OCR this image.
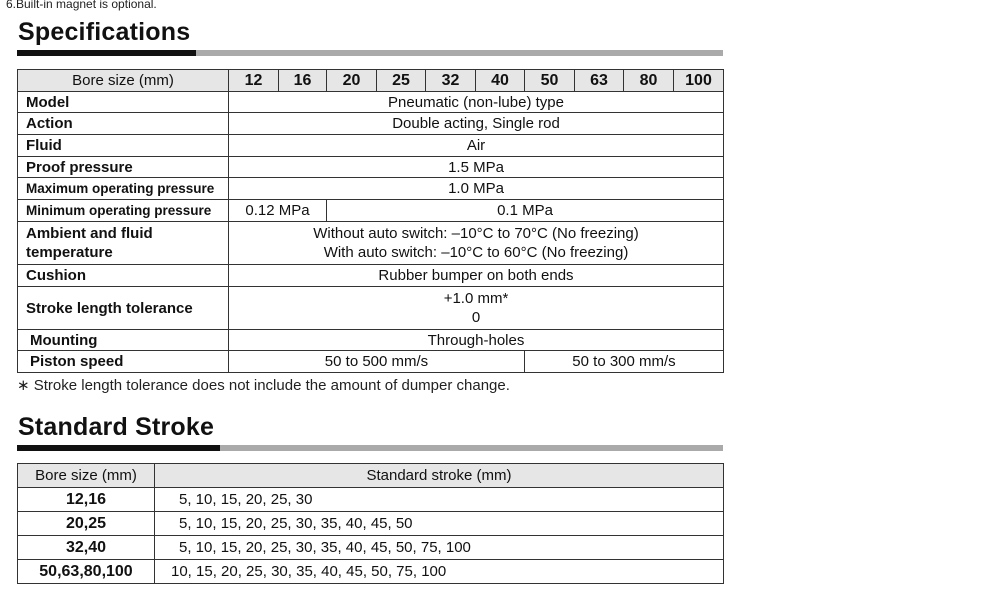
6.Built-in magnet is optional.
Specifications
Bore size (mm)	12	16	20	25	32	40	50	63	80	100
Model	Pneumatic (non-lube) type									
Action	Double acting, Single rod									
Fluid	Air									
Proof pressure	1.5 MPa									
Maximum operating pressure	1.0 MPa									
Minimum operating pressure	0.12 MPa		0.1 MPa							
Ambient and fluid
temperature	Without auto switch: –10°C to 70°C (No freezing)
With auto switch: –10°C to 60°C (No freezing)									
Cushion	Rubber bumper on both ends									
Stroke length tolerance	+1.0 mm*
0									
Mounting	Through-holes									
Piston speed	50 to 500 mm/s						50 to 300 mm/s			
∗ Stroke length tolerance does not include the amount of dumper change.
Standard Stroke
Bore size (mm)	Standard stroke (mm)
12,16	5, 10, 15, 20, 25, 30
20,25	5, 10, 15, 20, 25, 30, 35, 40, 45, 50
32,40	5, 10, 15, 20, 25, 30, 35, 40, 45, 50, 75, 100
50,63,80,100	10, 15, 20, 25, 30, 35, 40, 45, 50, 75, 100
